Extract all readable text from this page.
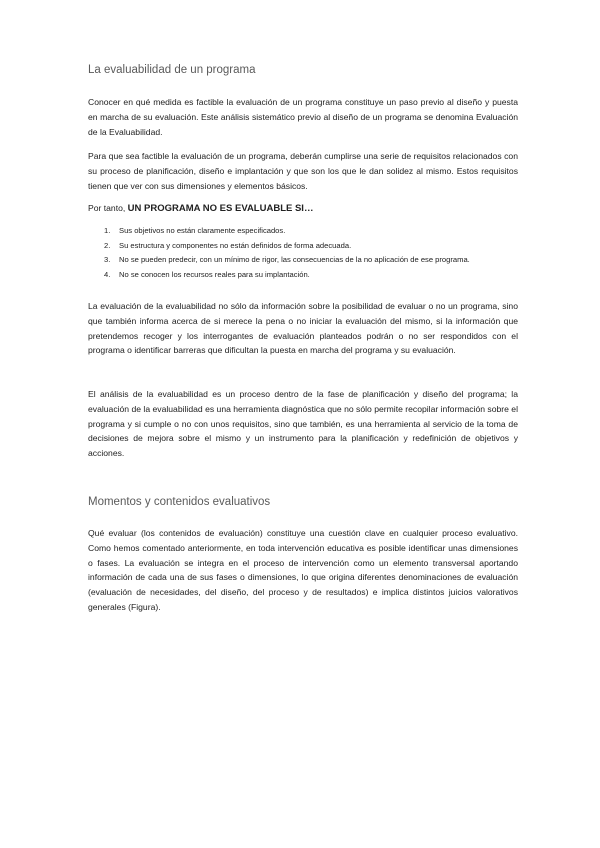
La evaluabilidad de un programa

Conocer en qué medida es factible la evaluación de un programa constituye un paso previo al diseño y puesta en marcha de su evaluación. Este análisis sistemático previo al diseño de un programa se denomina Evaluación de la Evaluabilidad.

Para que sea factible la evaluación de un programa, deberán cumplirse una serie de requisitos relacionados con su proceso de planificación, diseño e implantación y que son los que le dan solidez al mismo. Estos requisitos tienen que ver con sus dimensiones y elementos básicos.

Por tanto, UN PROGRAMA NO ES EVALUABLE SI…

1. Sus objetivos no están claramente especificados.
2. Su estructura y componentes no están definidos de forma adecuada.
3. No se pueden predecir, con un mínimo de rigor, las consecuencias de la no aplicación de ese programa.
4. No se conocen los recursos reales para su implantación.

La evaluación de la evaluabilidad no sólo da información sobre la posibilidad de evaluar o no un programa, sino que también informa acerca de si merece la pena o no iniciar la evaluación del mismo, si la información que pretendemos recoger y los interrogantes de evaluación planteados podrán o no ser respondidos con el programa o identificar barreras que dificultan la puesta en marcha del programa y su evaluación.

El análisis de la evaluabilidad es un proceso dentro de la fase de planificación y diseño del programa; la evaluación de la evaluabilidad es una herramienta diagnóstica que no sólo permite recopilar información sobre el programa y si cumple o no con unos requisitos, sino que también, es una herramienta al servicio de la toma de decisiones de mejora sobre el mismo y un instrumento para la planificación y redefinición de objetivos y acciones.

Momentos y contenidos evaluativos

Qué evaluar (los contenidos de evaluación) constituye una cuestión clave en cualquier proceso evaluativo. Como hemos comentado anteriormente, en toda intervención educativa es posible identificar unas dimensiones o fases. La evaluación se integra en el proceso de intervención como un elemento transversal aportando información de cada una de sus fases o dimensiones, lo que origina diferentes denominaciones de evaluación (evaluación de necesidades, del diseño, del proceso y de resultados) e implica distintos juicios valorativos generales (Figura).
